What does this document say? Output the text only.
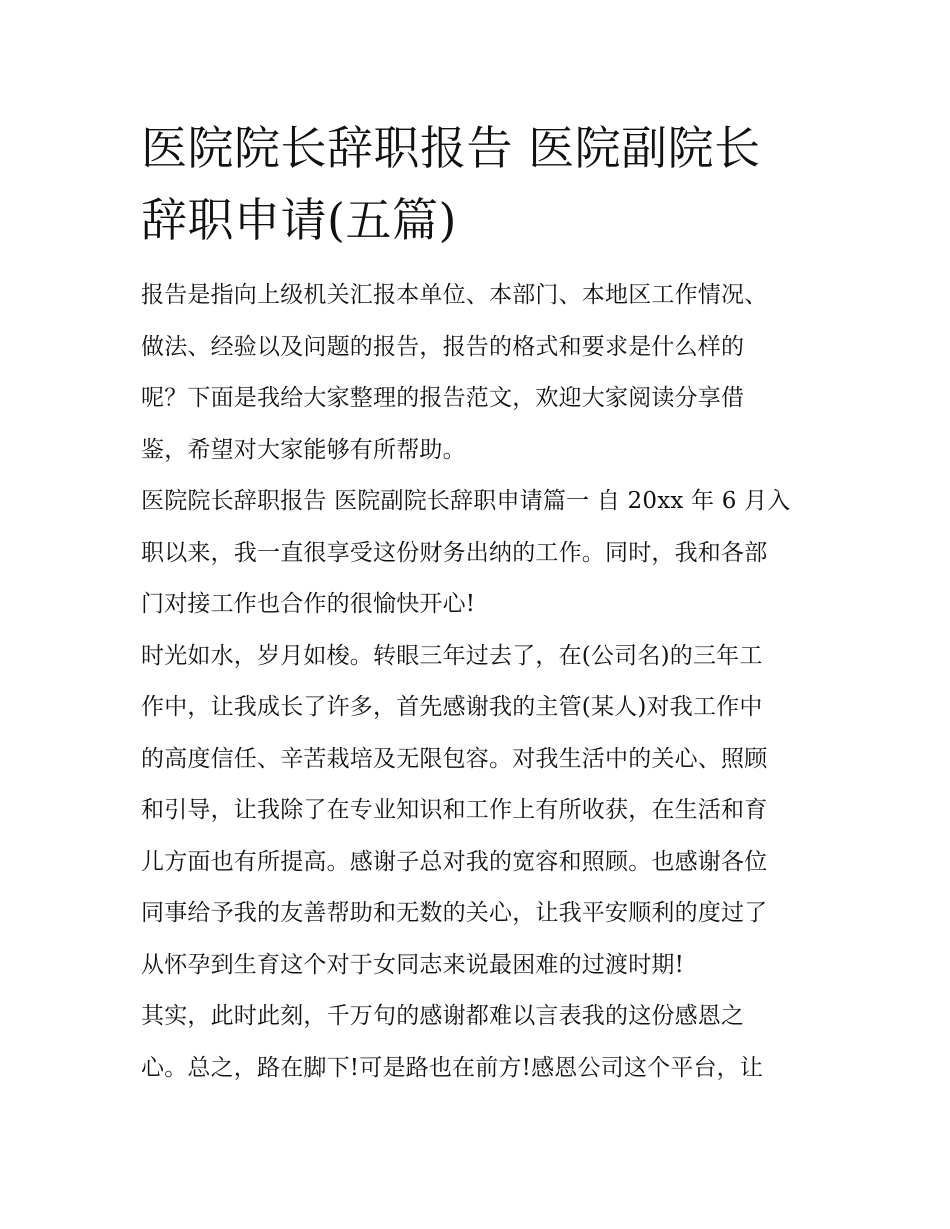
医院院长辞职报告 医院副院长
辞职申请(五篇)
报告是指向上级机关汇报本单位、本部门、本地区工作情况、
做法、经验以及问题的报告，报告的格式和要求是什么样的
呢？下面是我给大家整理的报告范文，欢迎大家阅读分享借
鉴，希望对大家能够有所帮助。
医院院长辞职报告 医院副院长辞职申请篇一 自 20xx 年 6 月入
职以来，我一直很享受这份财务出纳的工作。同时，我和各部
门对接工作也合作的很愉快开心!
时光如水，岁月如梭。转眼三年过去了，在(公司名)的三年工
作中，让我成长了许多，首先感谢我的主管(某人)对我工作中
的高度信任、辛苦栽培及无限包容。对我生活中的关心、照顾
和引导，让我除了在专业知识和工作上有所收获，在生活和育
儿方面也有所提高。感谢子总对我的宽容和照顾。也感谢各位
同事给予我的友善帮助和无数的关心，让我平安顺利的度过了
从怀孕到生育这个对于女同志来说最困难的过渡时期!
其实，此时此刻，千万句的感谢都难以言表我的这份感恩之
心。总之，路在脚下!可是路也在前方!感恩公司这个平台，让
